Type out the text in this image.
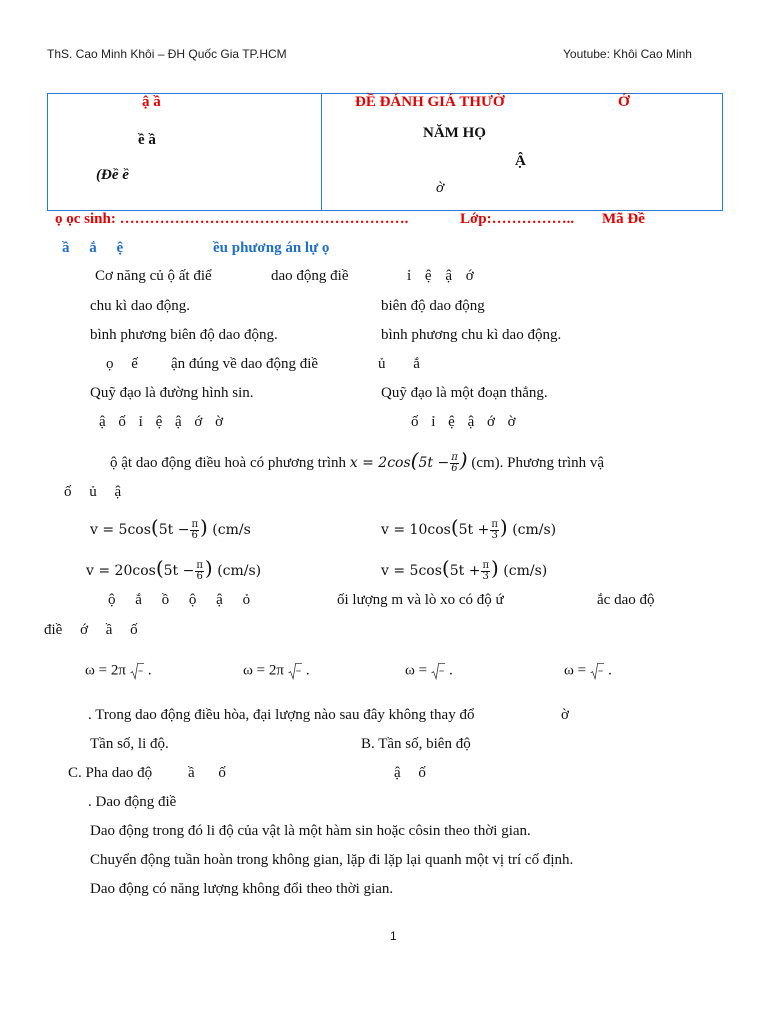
ThS. Cao Minh Khôi – ĐH Quốc Gia TP.HCM	Youtube: Khôi Cao Minh
ậ ầ
ề ầ
(Đề ề
ĐỀ ĐÁNH GIÁ THƯỜ	Ớ
NĂM HỌ
Ậ
ờ
ọ ọc sinh: ………………………………………………….	Lớp:…………….. Mã Đề
ầ ắ ệ	ều phương án lự ọ
Cơ năng củ ộ ất điể	dao động điề	ỉ ệ ậ ớ
chu kì dao động.	biên độ dao động
bình phương biên độ dao động.	bình phương chu kì dao động.
ọ ế ận đúng về dao động điề	ủ ắ
Quỹ đạo là đường hình sin.	Quỹ đạo là một đoạn thẳng.
ậ ố ỉ ệ ậ ớ ờ	ố ỉ ệ ậ ớ ờ
ộ ật dao động điều hoà có phương trình $x = 2\cos(5t - \frac{\pi}{6}$ ) (cm). Phương trình vậ
ố ủ ậ
$v = 5\cos(5t - \frac{\pi}{6}$ ) (cm/s	$v = 10\cos(5t + \frac{\pi}{3}$ ) (cm/s)
$v = 20\cos(5t - \frac{\pi}{6}$ ) (cm/s)	$v = 5\cos(5t + \frac{\pi}{3}$ ) (cm/s)
ộ ắ ồ ộ ậ ỏ	ối lượng m và lò xo có độ ứ	ắc dao độ
điề ớ ầ ố
ω = 2π .	ω = 2π .	ω = .	ω = .
. Trong dao động điều hòa, đại lượng nào sau đây không thay đổ	ờ
Tần số, li độ.	B. Tần số, biên độ
C. Pha dao độ ầ ố	ậ ố
. Dao động điề
Dao động trong đó li độ của vật là một hàm sin hoặc côsin theo thời gian.
Chuyển động tuần hoàn trong không gian, lặp đi lặp lại quanh một vị trí cố định.
Dao động có năng lượng không đổi theo thời gian.
1
